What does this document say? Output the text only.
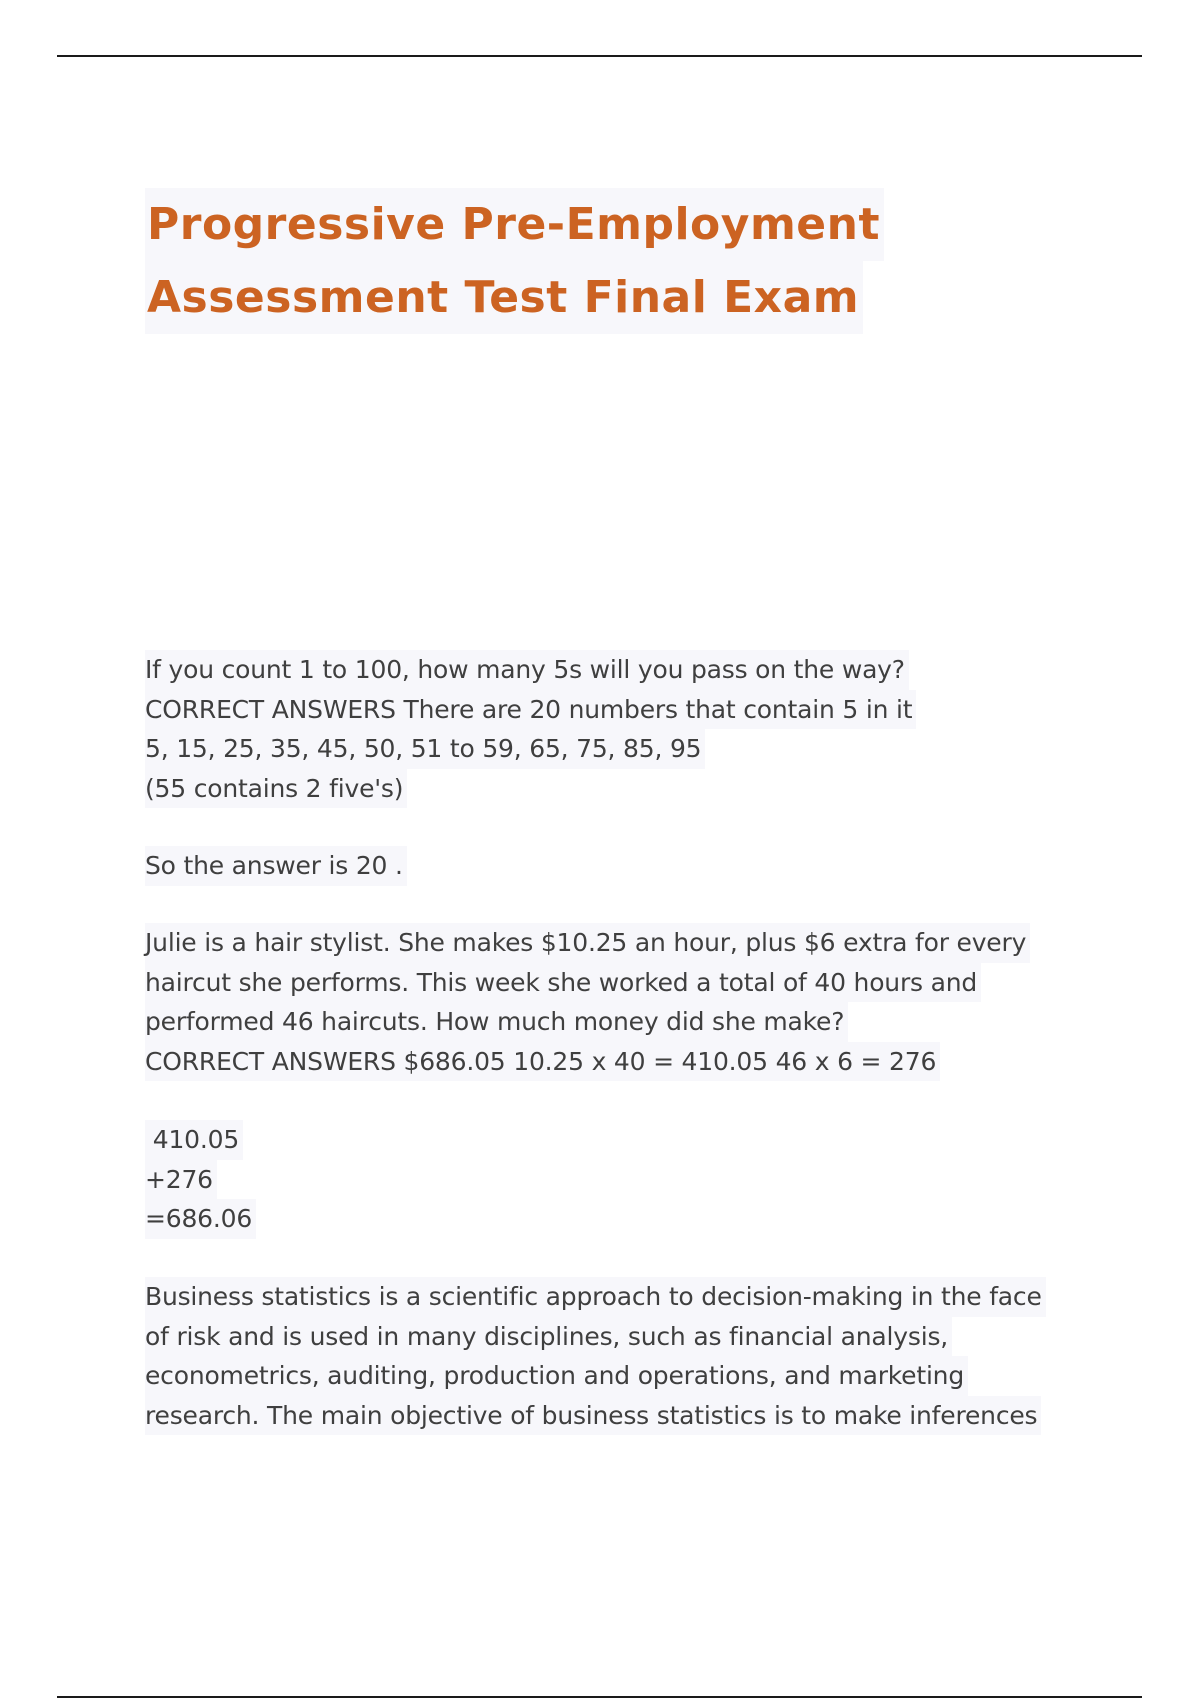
Progressive Pre-Employment
Assessment Test Final Exam
If you count 1 to 100, how many 5s will you pass on the way?
CORRECT ANSWERS There are 20 numbers that contain 5 in it
5, 15, 25, 35, 45, 50, 51 to 59, 65, 75, 85, 95
(55 contains 2 five's)
So the answer is 20 .
Julie is a hair stylist. She makes $10.25 an hour, plus $6 extra for every
haircut she performs. This week she worked a total of 40 hours and
performed 46 haircuts. How much money did she make?
CORRECT ANSWERS $686.05 10.25 x 40 = 410.05 46 x 6 = 276
410.05
+276
=686.06
Business statistics is a scientific approach to decision-making in the face
of risk and is used in many disciplines, such as financial analysis,
econometrics, auditing, production and operations, and marketing
research. The main objective of business statistics is to make inferences
